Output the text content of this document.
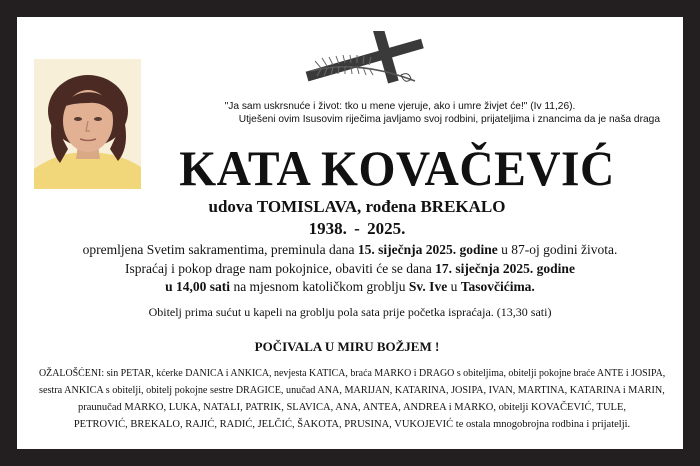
"Ja sam uskrsnuće i život: tko u mene vjeruje, ako i umre živjet će!" (Iv 11,26).
Utješeni ovim Isusovim riječima javljamo svoj rodbini, prijateljima i znancima da je naša draga
KATA KOVAČEVIĆ
udova TOMISLAVA, rođena BREKALO
1938. - 2025.
opremljena Svetim sakramentima, preminula dana 15. siječnja 2025. godine u 87-oj godini života.
Ispraćaj i pokop drage nam pokojnice, obaviti će se dana 17. siječnja 2025. godine
u 14,00 sati na mjesnom katoličkom groblju Sv. Ive u Tasovčićima.
Obitelj prima sućut u kapeli na groblju pola sata prije početka ispraćaja. (13,30 sati)
POČIVALA U MIRU BOŽJEM !
OŽALOŠĆENI: sin PETAR, kćerke DANICA i ANKICA, nevjesta KATICA, braća MARKO i DRAGO s obiteljima, obitelji pokojne braće ANTE i JOSIPA,
sestra ANKICA s obitelji, obitelj pokojne sestre DRAGICE, unučad ANA, MARIJAN, KATARINA, JOSIPA, IVAN, MARTINA, KATARINA i MARIN,
praunučad MARKO, LUKA, NATALI, PATRIK, SLAVICA, ANA, ANTEA, ANDREA i MARKO, obitelji KOVAČEVIĆ, TULE,
PETROVIĆ, BREKALO, RAJIĆ, RADIĆ, JELČIĆ, ŠAKOTA, PRUSINA, VUKOJEVIĆ te ostala mnogobrojna rodbina i prijatelji.
